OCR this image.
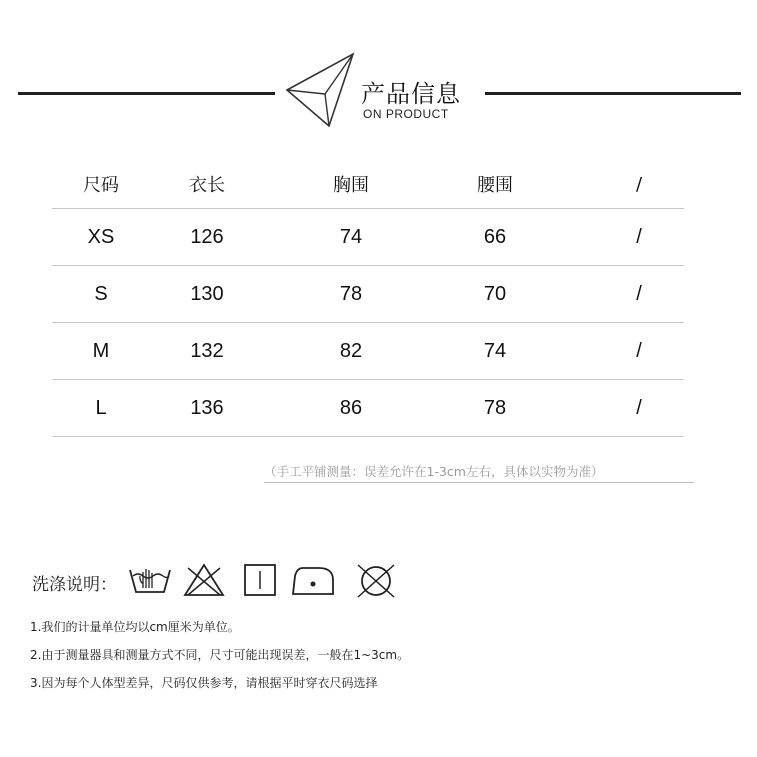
产品信息
ON PRODUCT
尺码	衣长	胸围	腰围	/
XS	126	74	66	/
S	130	78	70	/
M	132	82	74	/
L	136	86	78	/
（手工平铺测量：误差允许在1-3cm左右，具体以实物为准）
洗涤说明：
1.我们的计量单位均以cm厘米为单位。
2.由于测量器具和测量方式不同，尺寸可能出现误差，一般在1~3cm。
3.因为每个人体型差异，尺码仅供参考，请根据平时穿衣尺码选择
